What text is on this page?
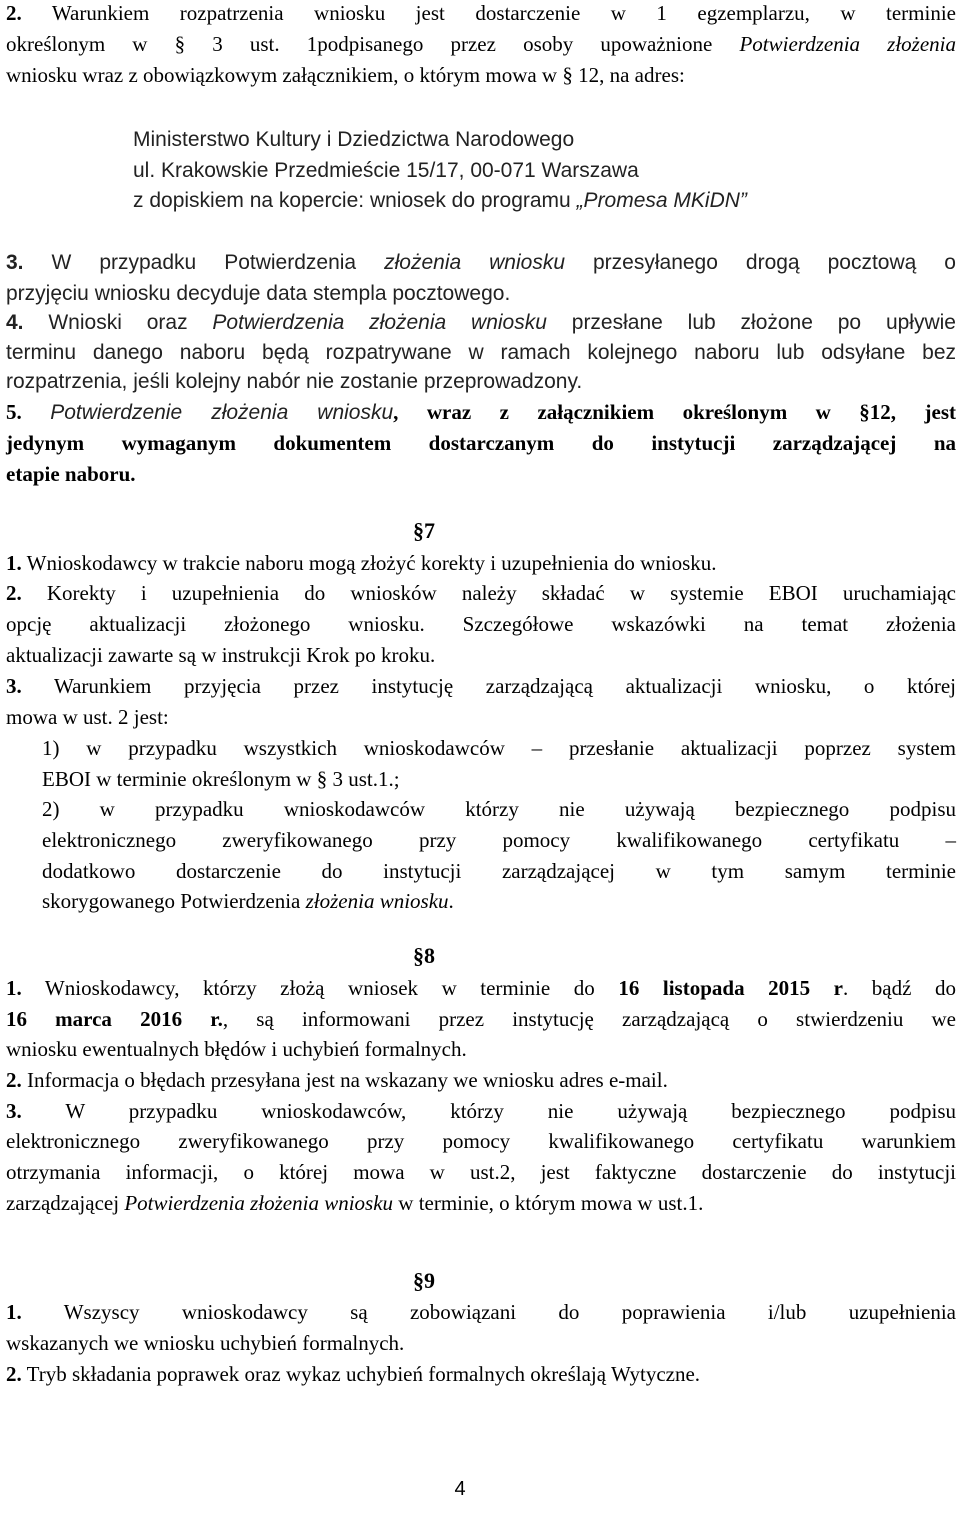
2. Warunkiem rozpatrzenia wniosku jest dostarczenie w 1 egzemplarzu, w terminie
określonym w § 3 ust. 1podpisanego przez osoby upoważnione Potwierdzenia złożenia
wniosku wraz z obowiązkowym załącznikiem, o którym mowa w § 12, na adres:
Ministerstwo Kultury i Dziedzictwa Narodowego
ul. Krakowskie Przedmieście 15/17, 00-071 Warszawa
z dopiskiem na kopercie: wniosek do programu „Promesa MKiDN”
3. W przypadku Potwierdzenia złożenia wniosku przesyłanego drogą pocztową o
przyjęciu wniosku decyduje data stempla pocztowego.
4. Wnioski oraz Potwierdzenia złożenia wniosku przesłane lub złożone po upływie
terminu danego naboru będą rozpatrywane w ramach kolejnego naboru lub odsyłane bez
rozpatrzenia, jeśli kolejny nabór nie zostanie przeprowadzony.
5. Potwierdzenie złożenia wniosku, wraz z załącznikiem określonym w §12, jest
jedynym wymaganym dokumentem dostarczanym do instytucji zarządzającej na
etapie naboru.
§7
1. Wnioskodawcy w trakcie naboru mogą złożyć korekty i uzupełnienia do wniosku.
2. Korekty i uzupełnienia do wniosków należy składać w systemie EBOI uruchamiając
opcję aktualizacji złożonego wniosku. Szczegółowe wskazówki na temat złożenia
aktualizacji zawarte są w instrukcji Krok po kroku.
3. Warunkiem przyjęcia przez instytucję zarządzającą aktualizacji wniosku, o której
mowa w ust. 2 jest:
1) w przypadku wszystkich wnioskodawców – przesłanie aktualizacji poprzez system
EBOI w terminie określonym w § 3 ust.1.;
2) w przypadku wnioskodawców którzy nie używają bezpiecznego podpisu
elektronicznego zweryfikowanego przy pomocy kwalifikowanego certyfikatu –
dodatkowo dostarczenie do instytucji zarządzającej w tym samym terminie
skorygowanego Potwierdzenia złożenia wniosku.
§8
1. Wnioskodawcy, którzy złożą wniosek w terminie do 16 listopada 2015 r. bądź do
16 marca 2016 r., są informowani przez instytucję zarządzającą o stwierdzeniu we
wniosku ewentualnych błędów i uchybień formalnych.
2. Informacja o błędach przesyłana jest na wskazany we wniosku adres e-mail.
3. W przypadku wnioskodawców, którzy nie używają bezpiecznego podpisu
elektronicznego zweryfikowanego przy pomocy kwalifikowanego certyfikatu warunkiem
otrzymania informacji, o której mowa w ust.2, jest faktyczne dostarczenie do instytucji
zarządzającej Potwierdzenia złożenia wniosku w terminie, o którym mowa w ust.1.
§9
1. Wszyscy wnioskodawcy są zobowiązani do poprawienia i/lub uzupełnienia
wskazanych we wniosku uchybień formalnych.
2. Tryb składania poprawek oraz wykaz uchybień formalnych określają Wytyczne.
4
